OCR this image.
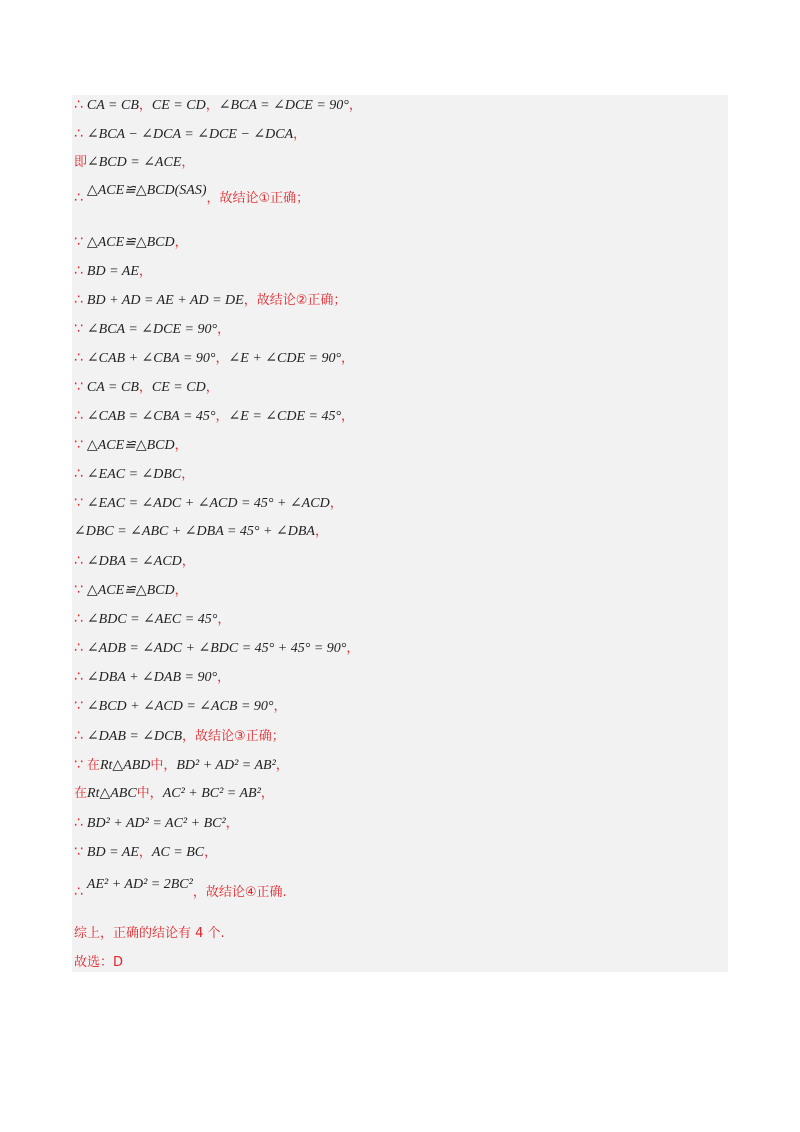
∴ CA = CB，CE = CD，∠BCA = ∠DCE = 90°，
∴ ∠BCA − ∠DCA = ∠DCE − ∠DCA，
即∠BCD = ∠ACE，
∴ △ACE≌△BCD(SAS)，故结论①正确；
∵ △ACE≌△BCD，
∴ BD = AE，
∴ BD + AD = AE + AD = DE，故结论②正确；
∵ ∠BCA = ∠DCE = 90°，
∴ ∠CAB + ∠CBA = 90°，∠E + ∠CDE = 90°，
∵ CA = CB，CE = CD，
∴ ∠CAB = ∠CBA = 45°，∠E = ∠CDE = 45°，
∵ △ACE≌△BCD，
∴ ∠EAC = ∠DBC，
∵ ∠EAC = ∠ADC + ∠ACD = 45° + ∠ACD，
∠DBC = ∠ABC + ∠DBA = 45° + ∠DBA，
∴ ∠DBA = ∠ACD，
∵ △ACE≌△BCD，
∴ ∠BDC = ∠AEC = 45°，
∴ ∠ADB = ∠ADC + ∠BDC = 45° + 45° = 90°，
∴ ∠DBA + ∠DAB = 90°，
∵ ∠BCD + ∠ACD = ∠ACB = 90°，
∴ ∠DAB = ∠DCB，故结论③正确；
∵ 在Rt△ABD中，BD² + AD² = AB²，
在Rt△ABC中，AC² + BC² = AB²，
∴ BD² + AD² = AC² + BC²，
∵ BD = AE，AC = BC，
∴ AE² + AD² = 2BC²，故结论④正确.
综上，正确的结论有 4 个.
故选：D
